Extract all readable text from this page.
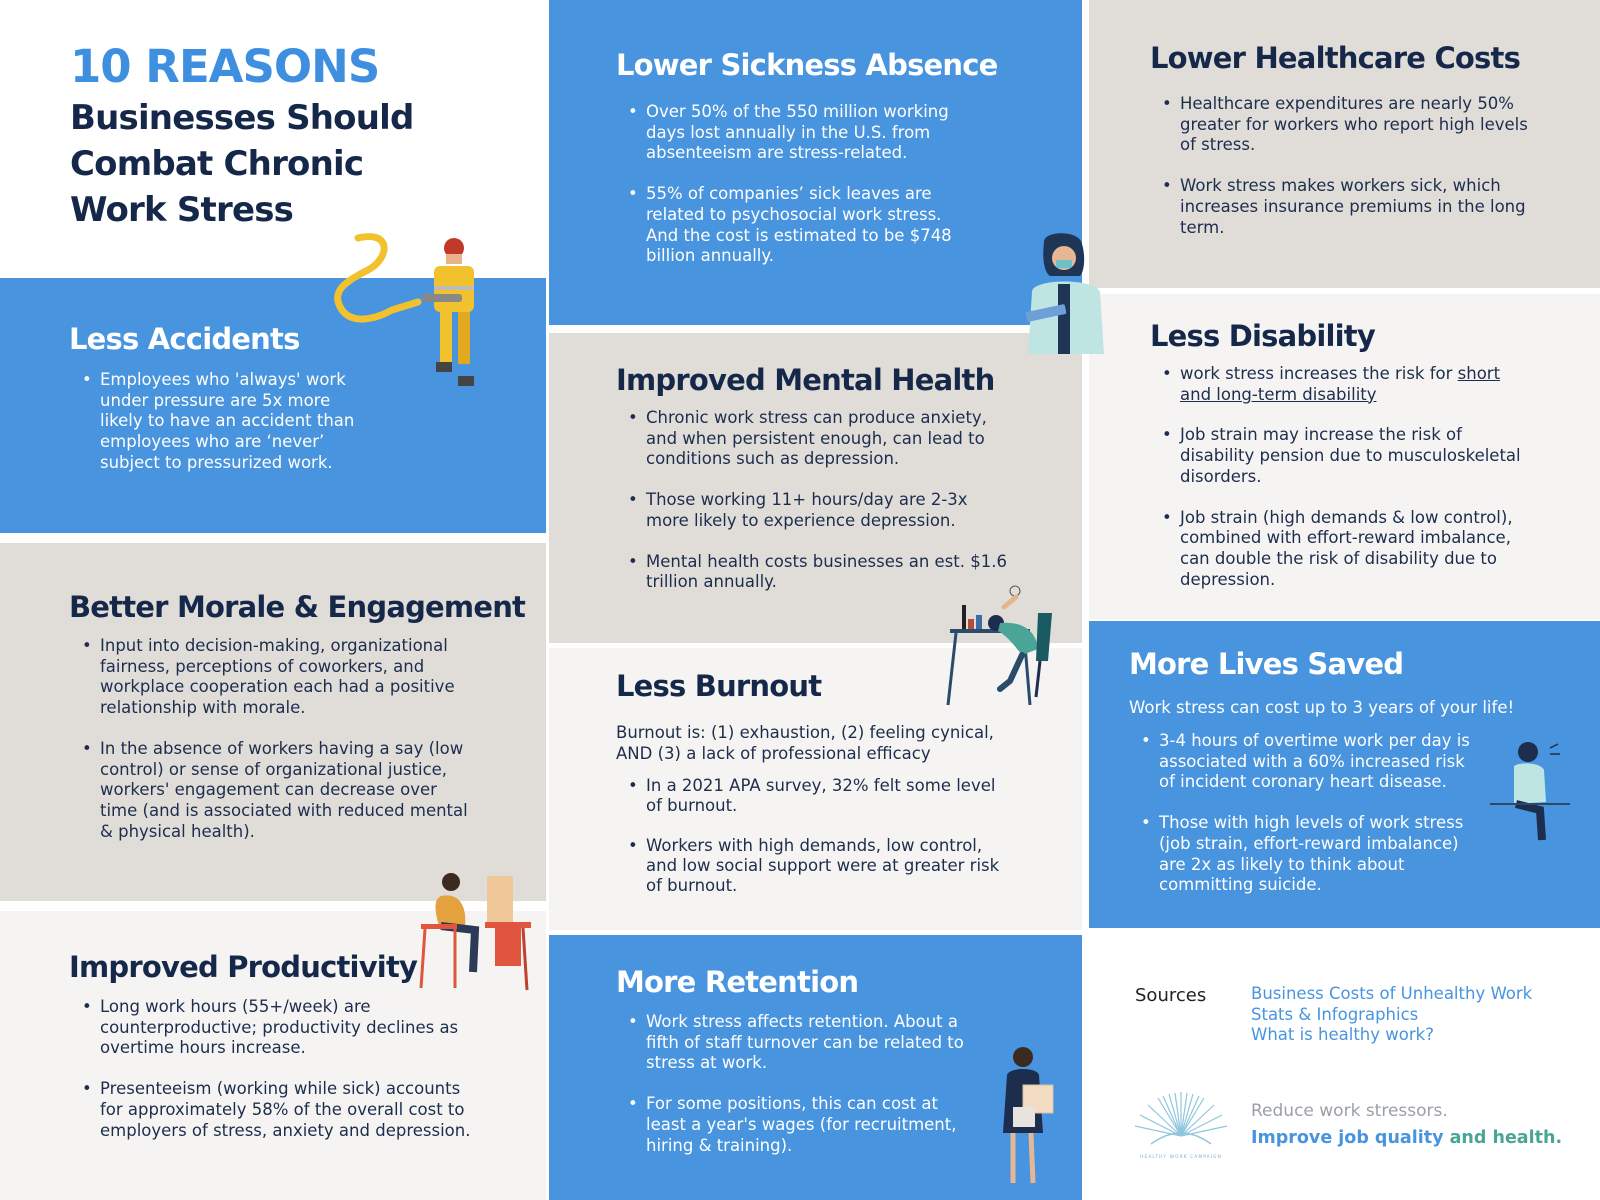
10 REASONS
Businesses Should
Combat Chronic
Work Stress
Less Accidents
• Employees who 'always' work under pressure are 5x more likely to have an accident than employees who are ‘never’ subject to pressurized work.
Better Morale & Engagement
• Input into decision-making, organizational fairness, perceptions of coworkers, and workplace cooperation each had a positive relationship with morale.
• In the absence of workers having a say (low control) or sense of organizational justice, workers' engagement can decrease over time (and is associated with reduced mental & physical health).
Improved Productivity
• Long work hours (55+/week) are counterproductive; productivity declines as overtime hours increase.
• Presenteeism (working while sick) accounts for approximately 58% of the overall cost to employers of stress, anxiety and depression.
Lower Sickness Absence
• Over 50% of the 550 million working days lost annually in the U.S. from absenteeism are stress-related.
• 55% of companies’ sick leaves are related to psychosocial work stress. And the cost is estimated to be $748 billion annually.
Improved Mental Health
• Chronic work stress can produce anxiety, and when persistent enough, can lead to conditions such as depression.
• Those working 11+ hours/day are 2-3x more likely to experience depression.
• Mental health costs businesses an est. $1.6 trillion annually.
Less Burnout

Burnout is: (1) exhaustion, (2) feeling cynical, AND (3) a lack of professional efficacy

• In a 2021 APA survey, 32% felt some level of burnout.
• Workers with high demands, low control, and low social support were at greater risk of burnout.
More Retention
• Work stress affects retention. About a fifth of staff turnover can be related to stress at work.
• For some positions, this can cost at least a year's wages (for recruitment, hiring & training).
Lower Healthcare Costs
• Healthcare expenditures are nearly 50% greater for workers who report high levels of stress.
• Work stress makes workers sick, which increases insurance premiums in the long term.
Less Disability
• work stress increases the risk for short and long-term disability
• Job strain may increase the risk of disability pension due to musculoskeletal disorders.
• Job strain (high demands & low control), combined with effort-reward imbalance, can double the risk of disability due to depression.
More Lives Saved

Work stress can cost up to 3 years of your life!

• 3-4 hours of overtime work per day is associated with a 60% increased risk of incident coronary heart disease.
• Those with high levels of work stress (job strain, effort-reward imbalance) are 2x as likely to think about committing suicide.
Sources	Business Costs of Unhealthy Work
Stats & Infographics
What is healthy work?
HEALTHY WORK CAMPAIGN
Reduce work stressors.
Improve job quality and health.
